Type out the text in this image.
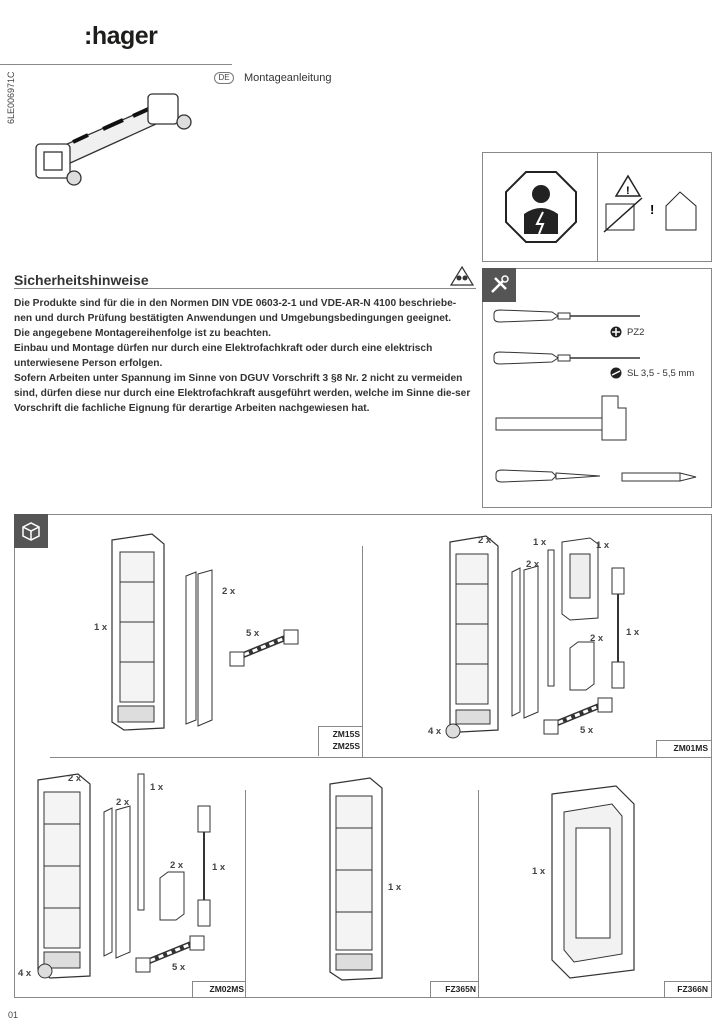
:hager
6LE006971C	DE	Montageanleitung
!
!
Sicherheitshinweise

Die Produkte sind für die in den Normen DIN VDE 0603-2-1 und VDE-AR-N 4100 beschriebe-nen und durch Prüfung bestätigten Anwendungen und Umgebungsbedingungen geeignet.

Die angegebene Montagereihenfolge ist zu beachten.

Einbau und Montage dürfen nur durch eine Elektrofachkraft oder durch eine elektrisch unterwiesene Person erfolgen.

Sofern Arbeiten unter Spannung im Sinne von DGUV Vorschrift 3 §8 Nr. 2 nicht zu vermeiden sind, dürfen diese nur durch eine Elektrofachkraft ausgeführt werden, welche im Sinne die-ser Vorschrift die fachliche Eignung für derartige Arbeiten nachgewiesen hat.

PZ2
SL 3,5 - 5,5 mm
1 x
2 x
5 x
ZM15S
ZM25S
2 x
2 x
1 x	1 x
1 x
2 x
5 x
4 x
ZM01MS
2 x
2 x
1 x
2 x	1 x
5 x
4 x
ZM02MS
1 x
FZ365N
1 x
FZ366N
01
